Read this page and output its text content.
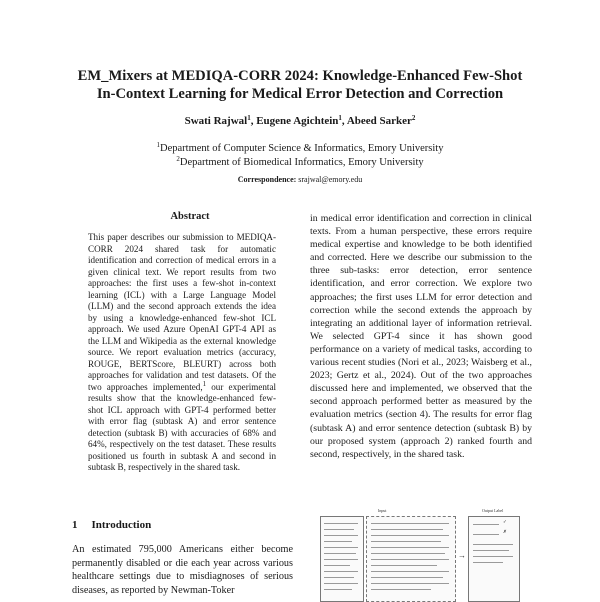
EM_Mixers at MEDIQA-CORR 2024: Knowledge-Enhanced Few-Shot
In-Context Learning for Medical Error Detection and Correction
Swati Rajwal$^1$, Eugene Agichtein$^1$, Abeed Sarker$^2$
$^1$Department of Computer Science & Informatics, Emory University
$^2$Department of Biomedical Informatics, Emory University
Correspondence: srajwal@emory.edu
Abstract
This paper describes our submission to MEDIQA-CORR 2024 shared task for automatic identification and correction of medical errors in a given clinical text. We report results from two approaches: the first uses a few-shot in-context learning (ICL) with a Large Language Model (LLM) and the second approach extends the idea by using a knowledge-enhanced few-shot ICL approach. We used Azure OpenAI GPT-4 API as the LLM and Wikipedia as the external knowledge source. We report evaluation metrics (accuracy, ROUGE, BERTScore, BLEURT) across both approaches for validation and test datasets. Of the two approaches implemented,$^1$ our experimental results show that the knowledge-enhanced few-shot ICL approach with GPT-4 performed better with error flag (subtask A) and error sentence detection (subtask B) with accuracies of 68% and 64%, respectively on the test dataset. These results positioned us fourth in subtask A and second in subtask B, respectively in the shared task.
1 Introduction
An estimated 795,000 Americans either become permanently disabled or die each year across various healthcare settings due to misdiagnoses of serious diseases, as reported by Newman-Toker
in medical error identification and correction in clinical texts. From a human perspective, these errors require medical expertise and knowledge to be both identified and corrected. Here we describe our submission to the three sub-tasks: error detection, error sentence identification, and error correction. We explore two approaches; the first uses LLM for error detection and correction while the second extends the approach by integrating an additional layer of information retrieval. We selected GPT-4 since it has shown good performance on a variety of medical tasks, according to various recent studies (Nori et al., 2023; Waisberg et al., 2023; Gertz et al., 2024). Out of the two approaches discussed here and implemented, we observed that the second approach performed better as measured by the evaluation metrics (section 4). The results for error flag (subtask A) and error sentence detection (subtask B) by our proposed system (approach 2) ranked fourth and second, respectively, in the shared task.
Input	Output Label
→
✓
✗
